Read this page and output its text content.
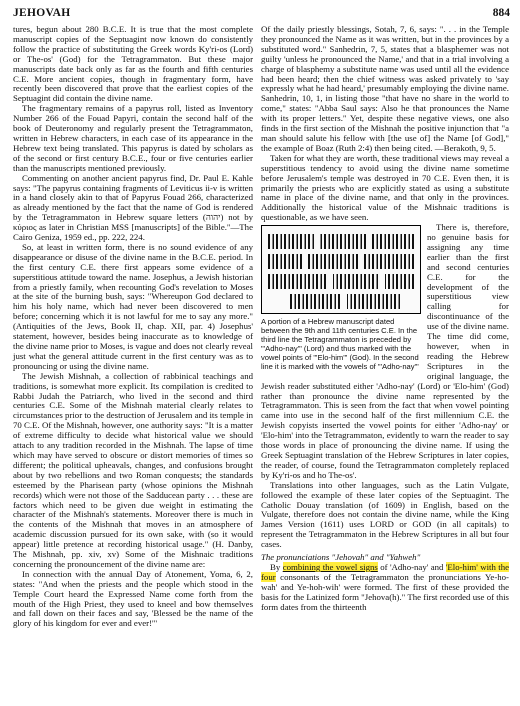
JEHOVAH	884

tures, begun about 280 B.C.E. It is true that the most complete manuscript copies of the Septuagint now known do consistently follow the practice of substituting the Greek words Ky'ri-os (Lord) or The-os' (God) for the Tetragrammaton. But these major manuscripts date back only as far as the fourth and fifth centuries C.E. More ancient copies, though in fragmentary form, have recently been discovered that prove that the earliest copies of the Septuagint did contain the divine name.

The fragmentary remains of a papyrus roll, listed as Inventory Number 266 of the Fouad Papyri, contain the second half of the book of Deuteronomy and regularly present the Tetragrammaton, written in Hebrew characters, in each case of its appearance in the Hebrew text being translated. This papyrus is dated by scholars as of the second or first century B.C.E., four or five centuries earlier than the manuscripts mentioned previously.

Commenting on another ancient papyrus find, Dr. Paul E. Kahle says: "The papyrus containing fragments of Leviticus ii-v is written in a hand closely akin to that of Papyrus Fouad 266, characterized as already mentioned by the fact that the name of God is rendered by the Tetragrammaton in Hebrew square letters (יהוה) not by κύριος as later in Christian MSS [manuscripts] of the Bible."—The Cairo Geniza, 1959 ed., pp. 222, 224.

So, at least in written form, there is no sound evidence of any disappearance or disuse of the divine name in the B.C.E. period. In the first century C.E. there first appears some evidence of a superstitious attitude toward the name. Josephus, a Jewish historian from a priestly family, when recounting God's revelation to Moses at the site of the burning bush, says: "Whereupon God declared to him his holy name, which had never been discovered to men before; concerning which it is not lawful for me to say any more." (Antiquities of the Jews, Book II, chap. XII, par. 4) Josephus' statement, however, besides being inaccurate as to knowledge of the divine name prior to Moses, is vague and does not clearly reveal just what the general attitude current in the first century was as to pronouncing or using the divine name.

The Jewish Mishnah, a collection of rabbinical teachings and traditions, is somewhat more explicit. Its compilation is credited to Rabbi Judah the Patriarch, who lived in the second and third centuries C.E. Some of the Mishnah material clearly relates to circumstances prior to the destruction of Jerusalem and its temple in 70 C.E. Of the Mishnah, however, one authority says: "It is a matter of extreme difficulty to decide what historical value we should attach to any tradition recorded in the Mishnah. The lapse of time which may have served to obscure or distort memories of times so different; the political upheavals, changes, and confusions brought about by two rebellions and two Roman conquests; the standards esteemed by the Pharisean party (whose opinions the Mishnah records) which were not those of the Sadducean party . . . these are factors which need to be given due weight in estimating the character of the Mishnah's statements. Moreover there is much in the contents of the Mishnah that moves in an atmosphere of academic discussion pursued for its own sake, with (so it would appear) little pretence at recording historical usage." (H. Danby, The Mishnah, pp. xiv, xv) Some of the Mishnaic traditions concerning the pronouncement of the divine name are:

In connection with the annual Day of Atonement, Yoma, 6, 2, states: "And when the priests and the people which stood in the Temple Court heard the Expressed Name come forth from the mouth of the High Priest, they used to kneel and bow themselves and fall down on their faces and say, 'Blessed be the name of the glory of his kingdom for ever and ever!'"

Of the daily priestly blessings, Sotah, 7, 6, says: ". . . in the Temple they pronounced the Name as it was written, but in the provinces by a substituted word." Sanhedrin, 7, 5, states that a blasphemer was not guilty 'unless he pronounced the Name,' and that in a trial involving a charge of blasphemy a substitute name was used until all the evidence had been heard; then the chief witness was asked privately to 'say expressly what he had heard,' presumably employing the divine name. Sanhedrin, 10, 1, in listing those "that have no share in the world to come," states: "Abba Saul says: Also he that pronounces the Name with its proper letters." Yet, despite these negative views, one also finds in the first section of the Mishnah the positive injunction that "a man should salute his fellow with [the use of] the Name [of God]," the example of Boaz (Ruth 2:4) then being cited. —Berakoth, 9, 5.

Taken for what they are worth, these traditional views may reveal a superstitious tendency to avoid using the divine name sometime before Jerusalem's temple was destroyed in 70 C.E. Even then, it is primarily the priests who are explicitly stated as using a substitute name in place of the divine name, and that only in the provinces. Additionally the historical value of the Mishnaic traditions is questionable, as we have seen.

A portion of a Hebrew manuscript dated between the 9th and 11th centuries C.E. In the third line the Tetragrammaton is preceded by "'Adho-nay'" (Lord) and thus marked with the vowel points of "'Elo-him'" (God). In the second line it is marked with the vowels of "'Adho-nay'"

There is, therefore, no genuine basis for assigning any time earlier than the first and second centuries C.E. for the development of the superstitious view calling for discontinuance of the use of the divine name. The time did come, however, when in reading the Hebrew Scriptures in the original language, the Jewish reader substituted either 'Adho-nay' (Lord) or 'Elo-him' (God) rather than pronounce the divine name represented by the Tetragrammaton. This is seen from the fact that when vowel pointing came into use in the second half of the first millennium C.E. the Jewish copyists inserted the vowel points for either 'Adho-nay' or 'Elo-him' into the Tetragrammaton, evidently to warn the reader to say those words in place of pronouncing the divine name. If using the Greek Septuagint translation of the Hebrew Scriptures in later copies, the reader, of course, found the Tetragrammaton completely replaced by Ky'ri-os and ho The-os'.

Translations into other languages, such as the Latin Vulgate, followed the example of these later copies of the Septuagint. The Catholic Douay translation (of 1609) in English, based on the Vulgate, therefore does not contain the divine name, while the King James Version (1611) uses LORD or GOD (in all capitals) to represent the Tetragrammaton in the Hebrew Scriptures in all but four cases.

The pronunciations "Jehovah" and "Yahweh"

By combining the vowel signs of 'Adho-nay' and 'Elo-him' with the four consonants of the Tetragrammaton the pronunciations Ye-ho-wah' and Ye-hoh-wih' were formed. The first of these provided the basis for the Latinized form "Jehova(h)." The first recorded use of this form dates from the thirteenth
